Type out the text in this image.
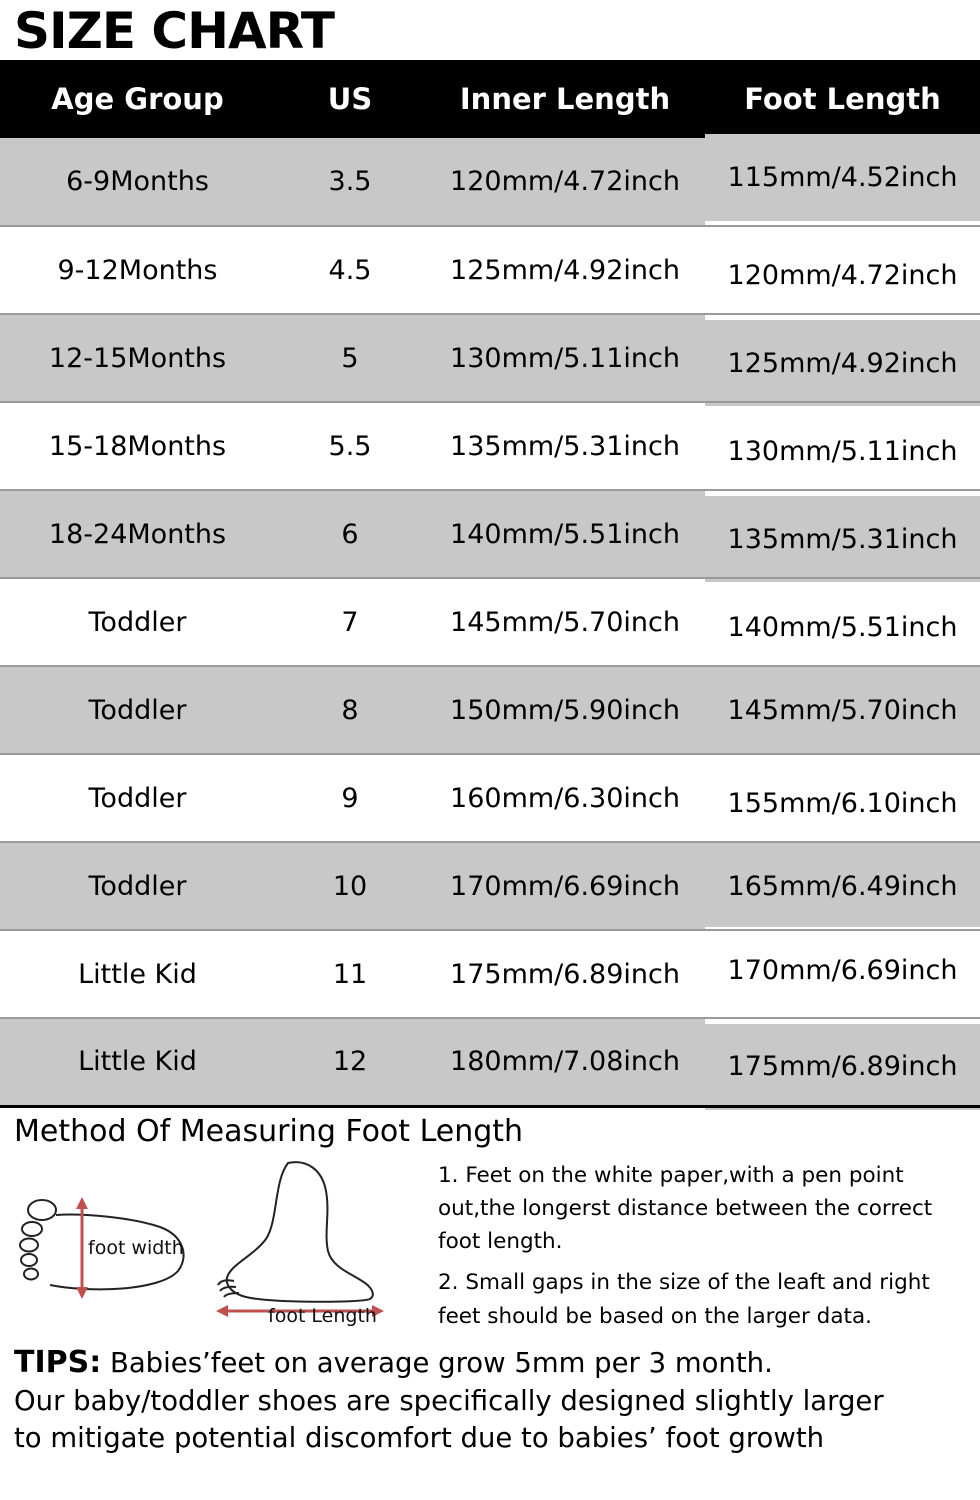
SIZE CHART
Age Group	US	Inner Length	Foot Length
6-9Months	3.5	120mm/4.72inch	115mm/4.52inch
9-12Months	4.5	125mm/4.92inch	120mm/4.72inch
12-15Months	5	130mm/5.11inch	125mm/4.92inch
15-18Months	5.5	135mm/5.31inch	130mm/5.11inch
18-24Months	6	140mm/5.51inch	135mm/5.31inch
Toddler	7	145mm/5.70inch	140mm/5.51inch
Toddler	8	150mm/5.90inch	145mm/5.70inch
Toddler	9	160mm/6.30inch	155mm/6.10inch
Toddler	10	170mm/6.69inch	165mm/6.49inch
Little Kid	11	175mm/6.89inch	170mm/6.69inch
Little Kid	12	180mm/7.08inch	175mm/6.89inch
Method Of Measuring Foot Length
foot width
foot Length

1. Feet on the white paper,with a pen point out,the longerst distance between the correct foot length.

2. Small gaps in the size of the leaft and right feet should be based on the larger data.

TIPS: Babies’feet on average grow 5mm per 3 month.
Our baby/toddler shoes are specifically designed slightly larger
to mitigate potential discomfort due to babies’ foot growth
